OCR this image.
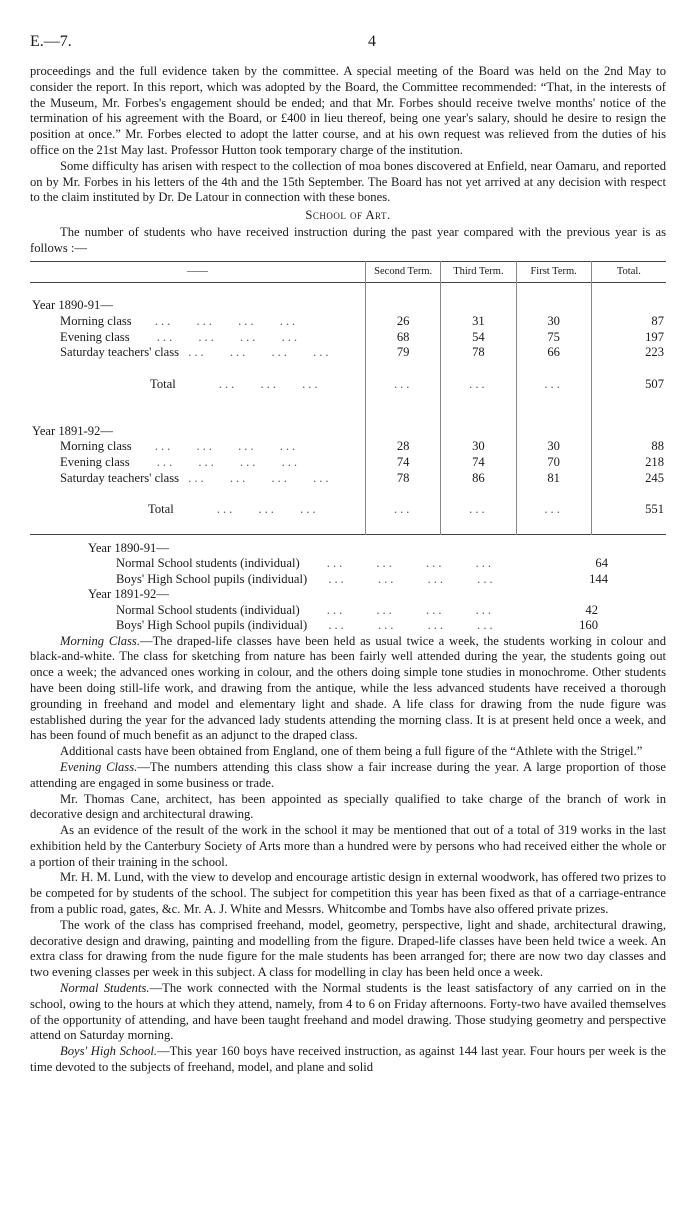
E.—7.	4

proceedings and the full evidence taken by the committee. A special meeting of the Board was held on the 2nd May to consider the report. In this report, which was adopted by the Board, the Committee recommended: “That, in the interests of the Museum, Mr. Forbes's engagement should be ended; and that Mr. Forbes should receive twelve months' notice of the termination of his agreement with the Board, or £400 in lieu thereof, being one year's salary, should he desire to resign the position at once.” Mr. Forbes elected to adopt the latter course, and at his own request was relieved from the duties of his office on the 21st May last. Professor Hutton took temporary charge of the institution.

Some difficulty has arisen with respect to the collection of moa bones discovered at Enfield, near Oamaru, and reported on by Mr. Forbes in his letters of the 4th and the 15th September. The Board has not yet arrived at any decision with respect to the claim instituted by Dr. De Latour in connection with these bones.

School of Art.

The number of students who have received instruction during the past year compared with the previous year is as follows :—

——	Second Term.	Third Term.	First Term.	Total.

Year 1890-91—				
Morning class ... ... ... ...	26	31	30	87
Evening class ... ... ... ...	68	54	75	197
Saturday teachers' class ... ... ... ...	79	78	66	223

Total ... ... ...	...	...	...	507

Year 1891-92—				
Morning class ... ... ... ...	28	30	30	88
Evening class ... ... ... ...	74	74	70	218
Saturday teachers' class ... ... ... ...	78	86	81	245

Total ... ... ...	...	...	...	551

Year 1890-91—
Normal School students (individual) ... ... ... ...	64
Boys' High School pupils (individual) ... ... ... ...	144
Year 1891-92—
Normal School students (individual) ... ... ... ...	42
Boys' High School pupils (individual) ... ... ... ...	160

Morning Class.—The draped-life classes have been held as usual twice a week, the students working in colour and black-and-white. The class for sketching from nature has been fairly well attended during the year, the students going out once a week; the advanced ones working in colour, and the others doing simple tone studies in monochrome. Other students have been doing still-life work, and drawing from the antique, while the less advanced students have received a thorough grounding in freehand and model and elementary light and shade. A life class for drawing from the nude figure was established during the year for the advanced lady students attending the morning class. It is at present held once a week, and has been found of much benefit as an adjunct to the draped class.

Additional casts have been obtained from England, one of them being a full figure of the “Athlete with the Strigel.”

Evening Class.—The numbers attending this class show a fair increase during the year. A large proportion of those attending are engaged in some business or trade.

Mr. Thomas Cane, architect, has been appointed as specially qualified to take charge of the branch of work in decorative design and architectural drawing.

As an evidence of the result of the work in the school it may be mentioned that out of a total of 319 works in the last exhibition held by the Canterbury Society of Arts more than a hundred were by persons who had received either the whole or a portion of their training in the school.

Mr. H. M. Lund, with the view to develop and encourage artistic design in external woodwork, has offered two prizes to be competed for by students of the school. The subject for competition this year has been fixed as that of a carriage-entrance from a public road, gates, &c. Mr. A. J. White and Messrs. Whitcombe and Tombs have also offered private prizes.

The work of the class has comprised freehand, model, geometry, perspective, light and shade, architectural drawing, decorative design and drawing, painting and modelling from the figure. Draped-life classes have been held twice a week. An extra class for drawing from the nude figure for the male students has been arranged for; there are now two day classes and two evening classes per week in this subject. A class for modelling in clay has been held once a week.

Normal Students.—The work connected with the Normal students is the least satisfactory of any carried on in the school, owing to the hours at which they attend, namely, from 4 to 6 on Friday afternoons. Forty-two have availed themselves of the opportunity of attending, and have been taught freehand and model drawing. Those studying geometry and perspective attend on Saturday morning.

Boys' High School.—This year 160 boys have received instruction, as against 144 last year. Four hours per week is the time devoted to the subjects of freehand, model, and plane and solid
